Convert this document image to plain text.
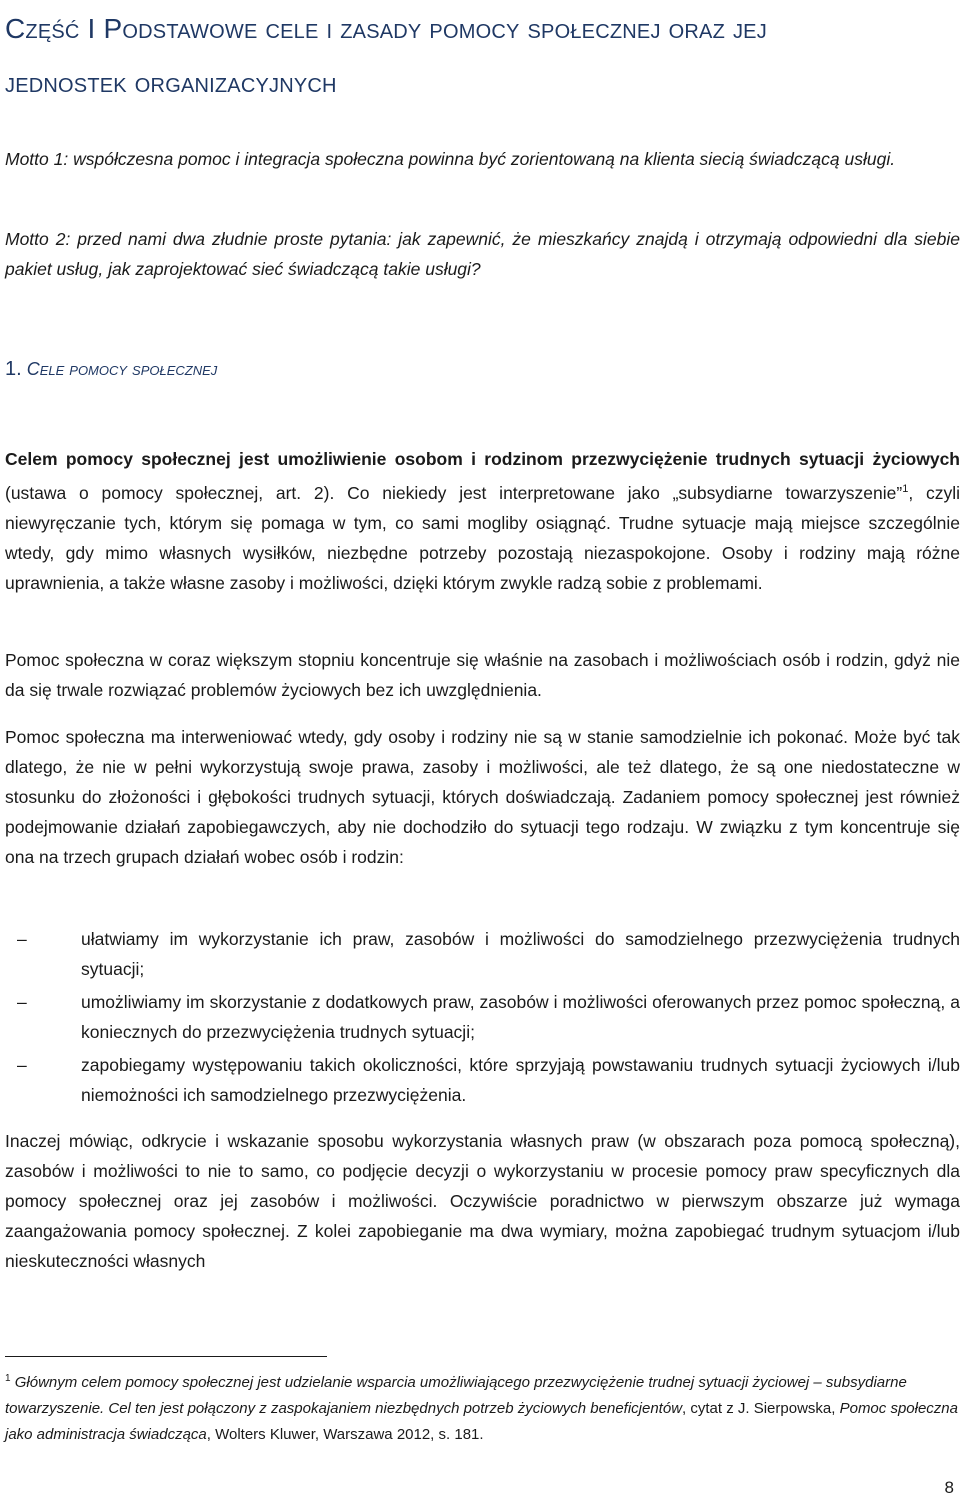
Część I Podstawowe cele i zasady pomocy społecznej oraz jej
jednostek organizacyjnych

Motto 1: współczesna pomoc i integracja społeczna powinna być zorientowaną na klienta siecią świadczącą usługi.

Motto 2: przed nami dwa złudnie proste pytania: jak zapewnić, że mieszkańcy znajdą i otrzymają odpowiedni dla siebie pakiet usług, jak zaprojektować sieć świadczącą takie usługi?

1. Cele pomocy społecznej

Celem pomocy społecznej jest umożliwienie osobom i rodzinom przezwyciężenie trudnych sytuacji życiowych (ustawa o pomocy społecznej, art. 2). Co niekiedy jest interpretowane jako „subsydiarne towarzyszenie”$^1$, czyli niewyręczanie tych, którym się pomaga w tym, co sami mogliby osiągnąć. Trudne sytuacje mają miejsce szczególnie wtedy, gdy mimo własnych wysiłków, niezbędne potrzeby pozostają niezaspokojone. Osoby i rodziny mają różne uprawnienia, a także własne zasoby i możliwości, dzięki którym zwykle radzą sobie z problemami.

Pomoc społeczna w coraz większym stopniu koncentruje się właśnie na zasobach i możliwościach osób i rodzin, gdyż nie da się trwale rozwiązać problemów życiowych bez ich uwzględnienia.

Pomoc społeczna ma interweniować wtedy, gdy osoby i rodziny nie są w stanie samodzielnie ich pokonać. Może być tak dlatego, że nie w pełni wykorzystują swoje prawa, zasoby i możliwości, ale też dlatego, że są one niedostateczne w stosunku do złożoności i głębokości trudnych sytuacji, których doświadczają. Zadaniem pomocy społecznej jest również podejmowanie działań zapobiegawczych, aby nie dochodziło do sytuacji tego rodzaju. W związku z tym koncentruje się ona na trzech grupach działań wobec osób i rodzin:

–	ułatwiamy im wykorzystanie ich praw, zasobów i możliwości do samodzielnego przezwyciężenia trudnych sytuacji;
–	umożliwiamy im skorzystanie z dodatkowych praw, zasobów i możliwości oferowanych przez pomoc społeczną, a koniecznych do przezwyciężenia trudnych sytuacji;
–	zapobiegamy występowaniu takich okoliczności, które sprzyjają powstawaniu trudnych sytuacji życiowych i/lub niemożności ich samodzielnego przezwyciężenia.

Inaczej mówiąc, odkrycie i wskazanie sposobu wykorzystania własnych praw (w obszarach poza pomocą społeczną), zasobów i możliwości to nie to samo, co podjęcie decyzji o wykorzystaniu w procesie pomocy praw specyficznych dla pomocy społecznej oraz jej zasobów i możliwości. Oczywiście poradnictwo w pierwszym obszarze już wymaga zaangażowania pomocy społecznej. Z kolei zapobieganie ma dwa wymiary, można zapobiegać trudnym sytuacjom i/lub nieskuteczności własnych

$^1$ Głównym celem pomocy społecznej jest udzielanie wsparcia umożliwiającego przezwyciężenie trudnej sytuacji życiowej – subsydiarne towarzyszenie. Cel ten jest połączony z zaspokajaniem niezbędnych potrzeb życiowych beneficjentów, cytat z J. Sierpowska, Pomoc społeczna jako administracja świadcząca, Wolters Kluwer, Warszawa 2012, s. 181.

8
